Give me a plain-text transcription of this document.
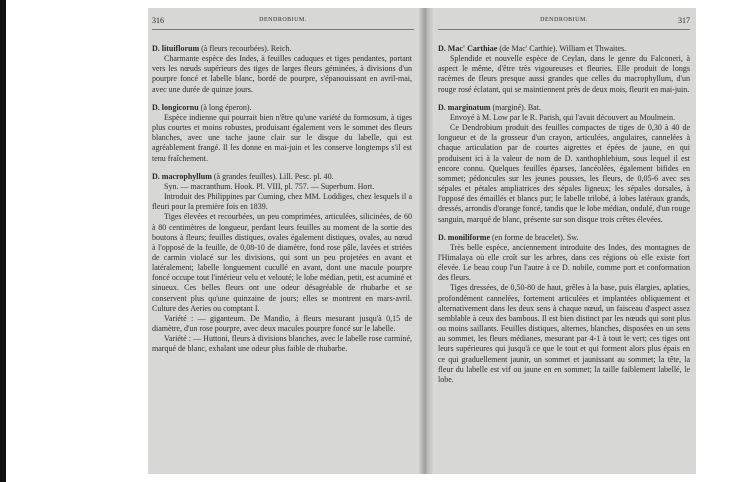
316	DENDROBIUM.	DENDROBIUM.	317

D. lituiflorum (à fleurs recourbées). Reich.

Charmante espèce des Indes, à feuilles caduques et tiges pendantes, portant vers les nœuds supérieurs des tiges de larges fleurs géminées, à divisions d'un pourpre foncé et labelle blanc, bordé de pourpre, s'épanouissant en avril-mai, avec une durée de quinze jours.

D. longicornu (à long éperon).

Espèce indienne qui pourrait bien n'être qu'une variété du formosum, à tiges plus courtes et moins robustes, produisant également vers le sommet des fleurs blanches, avec une tache jaune clair sur le disque du labelle, qui est agréablement frangé. Il les donne en mai-juin et les conserve longtemps s'il est tenu fraîchement.

D. macrophyllum (à grandes feuilles). Lill. Pesc. pl. 40.

Syn. — macranthum. Hook. Pl. VIII, pl. 757. — Superbum. Hort.

Introduit des Philippines par Cuming, chez MM. Loddiges, chez lesquels il a fleuri pour la première fois en 1839.

Tiges élevées et recourbées, un peu comprimées, articulées, silicinées, de 60 à 80 centimètres de longueur, perdant leurs feuilles au moment de la sortie des boutons à fleurs; feuilles distiques, ovales également distiques, ovales, au nœud à l'opposé de la feuille, de 0,08-10 de diamètre, fond rose pâle, lavées et striées de carmin violacé sur les divisions, qui sont un peu projetées en avant et latéralement; labelle longuement cucullé en avant, dont une macule pourpre foncé occupe tout l'intérieur velu et velouté; le lobe médian, petit, est acuminé et sinueux. Ces belles fleurs ont une odeur désagréable de rhubarbe et se conservent plus qu'une quinzaine de jours; elles se montrent en mars-avril. Culture des Aeries ou comptant I.

Variété : — giganteum. De Mandio, à fleurs mesurant jusqu'à 0,15 de diamètre, d'un rose pourpre, avec deux macules pourpre foncé sur le labelle.

Variété : — Huttoni, fleurs à divisions blanches, avec le labelle rose carminé, marqué de blanc, exhalant une odeur plus faible de rhubarbe.

D. Mac' Carthiae (de Mac' Carthie). William et Thwaites.

Splendide et nouvelle espèce de Ceylan, dans le genre du Falconeri, à aspect le même, d'être très vigoureuses et fleuries. Elle produit de longs racèmes de fleurs presque aussi grandes que celles du macrophyllum, d'un rouge rosé éclatant, qui se maintiennent près de deux mois, fleurit en mai-juin.

D. marginatum (marginé). Bat.

Envoyé à M. Low par le R. Parish, qui l'avait découvert au Moulmein.

Ce Dendrobium produit des feuilles compactes de tiges de 0,30 à 40 de longueur et de la grosseur d'un crayon, articulées, angulaires, cannelées à chaque articulation par de courtes aigrettes et épées de jaune, en qui produisent ici à la valeur de nom de D. xanthophlebium, sous lequel il est encore connu. Quelques feuilles éparses, lancéolées, également bifides en sommet; pédoncules sur les jeunes pousses, les fleurs, de 0,05-6 avec ses sépales et pétales ampliatrices des sépales ligneux; les sépales dorsales, à l'opposé des émaillés et blancs pur; le labelle trilobé, à lobes latéraux grands, dressés, arrondis d'orange foncé, tandis que le lobe médian, ondulé, d'un rouge sanguin, marqué de blanc, présente sur son disque trois crêtes élevées.

D. moniliforme (en forme de bracelet). Sw.

Très belle espèce, anciennement introduite des Indes, des montagnes de l'Himalaya où elle croît sur les arbres, dans ces régions où elle existe fort élevée. Le beau coup l'un l'autre à ce D. nobile, comme port et conformation des fleurs.

Tiges dressées, de 0,50-80 de haut, grêles à la base, puis élargies, aplaties, profondément cannelées, fortement articulées et implantées obliquement et alternativement dans les deux sens à chaque nœud, un faisceau d'aspect assez semblable à ceux des bambous. Il est bien distinct par les nœuds qui sont plus ou moins saillants. Feuilles distiques, alternes, blanches, disposées en un sens au sommet, les fleurs médianes, mesurant par 4-1 à tout le vert; ces tiges ont leurs supérieures qui jusqu'à ce que le tout et qui forment alors plus épais en ce qui graduellement jaunir, un sommet et jaunissant au sommet; la tête, la fleur du labelle est vif ou jaune en en sommet; la taille faiblement labellé, le lobe.
